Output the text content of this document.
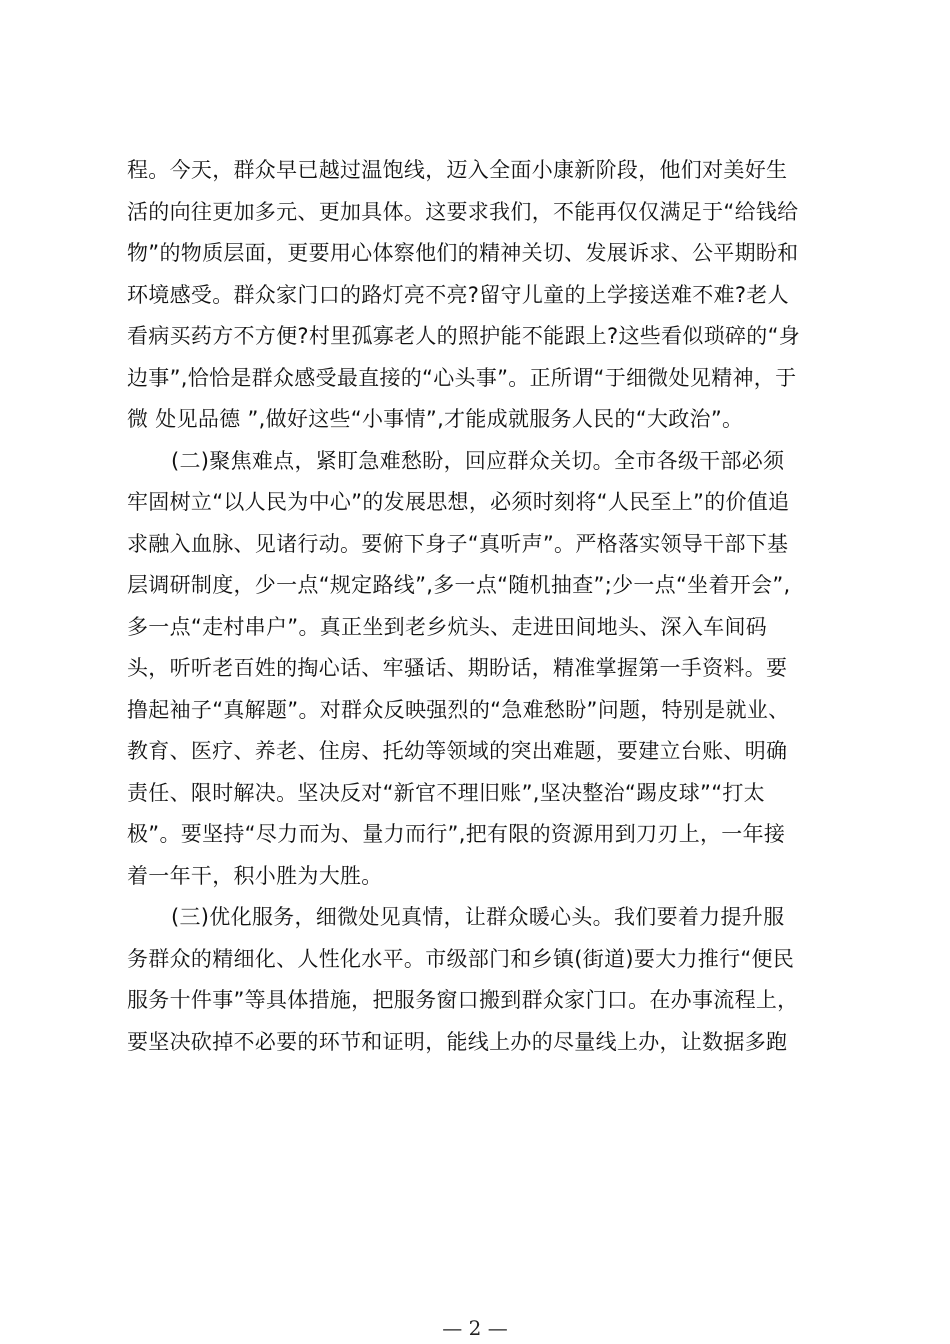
程。今天，群众早已越过温饱线，迈入全面小康新阶段，他们对美好生
活的向往更加多元、更加具体。这要求我们，不能再仅仅满足于“给钱给
物”的物质层面，更要用心体察他们的精神关切、发展诉求、公平期盼和
环境感受。群众家门口的路灯亮不亮?留守儿童的上学接送难不难?老人
看病买药方不方便?村里孤寡老人的照护能不能跟上?这些看似琐碎的“身
边事”,恰恰是群众感受最直接的“心头事”。正所谓“于细微处见精神，于
微 处见品德 ”,做好这些“小事情”,才能成就服务人民的“大政治”。
(二)聚焦难点，紧盯急难愁盼，回应群众关切。全市各级干部必须
牢固树立“以人民为中心”的发展思想，必须时刻将“人民至上”的价值追
求融入血脉、见诸行动。要俯下身子“真听声”。严格落实领导干部下基
层调研制度，少一点“规定路线”,多一点“随机抽查”;少一点“坐着开会”,
多一点“走村串户”。真正坐到老乡炕头、走进田间地头、深入车间码
头，听听老百姓的掏心话、牢骚话、期盼话，精准掌握第一手资料。要
撸起袖子“真解题”。对群众反映强烈的“急难愁盼”问题，特别是就业、
教育、医疗、养老、住房、托幼等领域的突出难题，要建立台账、明确
责任、限时解决。坚决反对“新官不理旧账”,坚决整治“踢皮球”“打太
极”。要坚持“尽力而为、量力而行”,把有限的资源用到刀刃上，一年接
着一年干，积小胜为大胜。
(三)优化服务，细微处见真情，让群众暖心头。我们要着力提升服
务群众的精细化、人性化水平。市级部门和乡镇(街道)要大力推行“便民
服务十件事”等具体措施，把服务窗口搬到群众家门口。在办事流程上，
要坚决砍掉不必要的环节和证明，能线上办的尽量线上办，让数据多跑
— 2 —
